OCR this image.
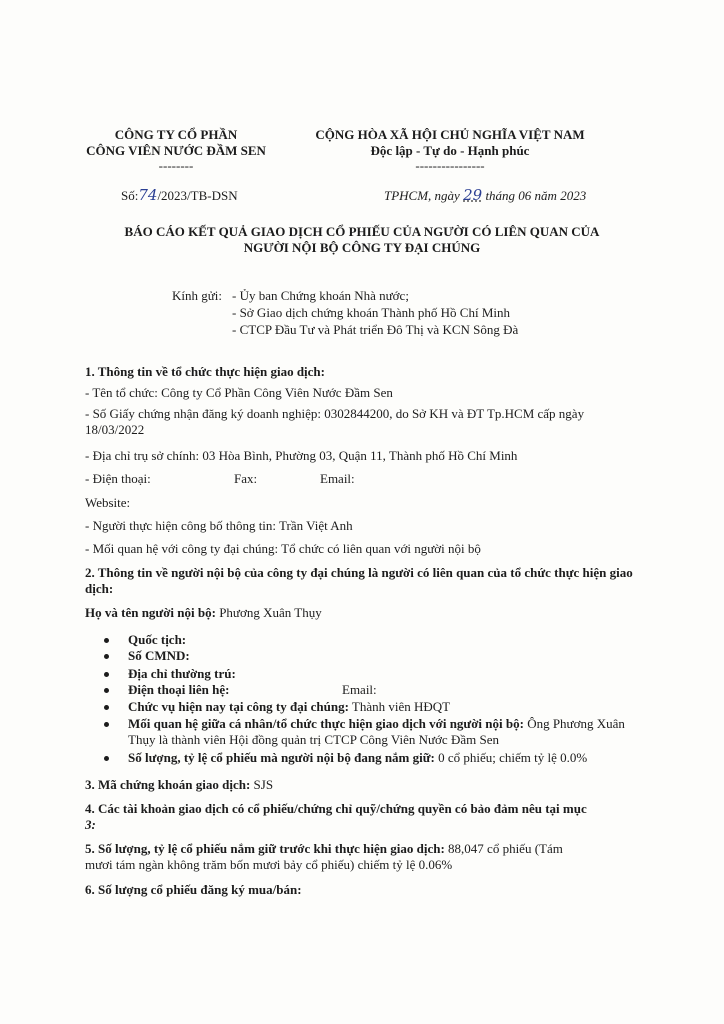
CÔNG TY CỔ PHẦN
CÔNG VIÊN NƯỚC ĐẦM SEN
--------
CỘNG HÒA XÃ HỘI CHỦ NGHĨA VIỆT NAM
Độc lập - Tự do - Hạnh phúc
----------------
Số:74/2023/TB-DSN	TPHCM, ngày 29 tháng 06 năm 2023
BÁO CÁO KẾT QUẢ GIAO DỊCH CỔ PHIẾU CỦA NGƯỜI CÓ LIÊN QUAN CỦA
NGƯỜI NỘI BỘ CÔNG TY ĐẠI CHÚNG
Kính gửi: - Ủy ban Chứng khoán Nhà nước;
- Sở Giao dịch chứng khoán Thành phố Hồ Chí Minh
- CTCP Đầu Tư và Phát triển Đô Thị và KCN Sông Đà
1. Thông tin về tổ chức thực hiện giao dịch:
- Tên tổ chức: Công ty Cổ Phần Công Viên Nước Đầm Sen
- Số Giấy chứng nhận đăng ký doanh nghiệp: 0302844200, do Sở KH và ĐT Tp.HCM cấp ngày 18/03/2022
- Địa chỉ trụ sở chính: 03 Hòa Bình, Phường 03, Quận 11, Thành phố Hồ Chí Minh
- Điện thoại:	Fax:	Email:
Website:
- Người thực hiện công bố thông tin: Trần Việt Anh
- Mối quan hệ với công ty đại chúng: Tổ chức có liên quan với người nội bộ
2. Thông tin về người nội bộ của công ty đại chúng là người có liên quan của tổ chức thực hiện giao dịch:
Họ và tên người nội bộ: Phương Xuân Thụy
Quốc tịch:
Số CMND:
Địa chỉ thường trú:
Điện thoại liên hệ:	Email:
Chức vụ hiện nay tại công ty đại chúng: Thành viên HĐQT
Mối quan hệ giữa cá nhân/tổ chức thực hiện giao dịch với người nội bộ: Ông Phương Xuân Thụy là thành viên Hội đồng quản trị CTCP Công Viên Nước Đầm Sen
Số lượng, tỷ lệ cổ phiếu mà người nội bộ đang nắm giữ: 0 cổ phiếu; chiếm tỷ lệ 0.0%
3. Mã chứng khoán giao dịch: SJS
4. Các tài khoản giao dịch có cổ phiếu/chứng chỉ quỹ/chứng quyền có bảo đảm nêu tại mục
3:
5. Số lượng, tỷ lệ cổ phiếu nắm giữ trước khi thực hiện giao dịch: 88,047 cổ phiếu (Tám
mươi tám ngàn không trăm bốn mươi bảy cổ phiếu) chiếm tỷ lệ 0.06%
6. Số lượng cổ phiếu đăng ký mua/bán:
